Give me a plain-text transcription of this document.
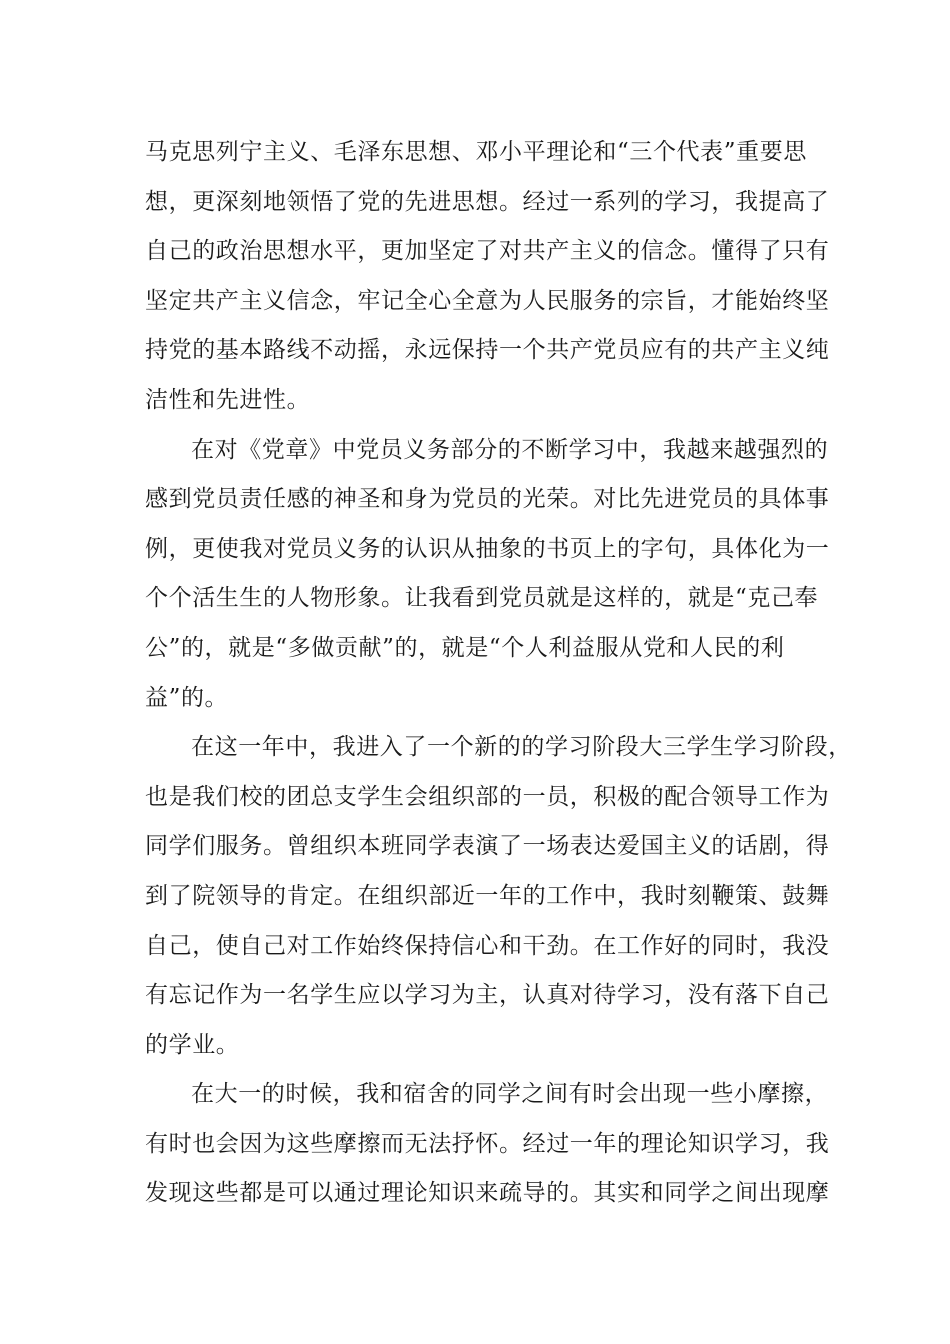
马克思列宁主义、毛泽东思想、邓小平理论和“三个代表”重要思
想，更深刻地领悟了党的先进思想。经过一系列的学习，我提高了
自己的政治思想水平，更加坚定了对共产主义的信念。懂得了只有
坚定共产主义信念，牢记全心全意为人民服务的宗旨，才能始终坚
持党的基本路线不动摇，永远保持一个共产党员应有的共产主义纯
洁性和先进性。
在对《党章》中党员义务部分的不断学习中，我越来越强烈的
感到党员责任感的神圣和身为党员的光荣。对比先进党员的具体事
例，更使我对党员义务的认识从抽象的书页上的字句，具体化为一
个个活生生的人物形象。让我看到党员就是这样的，就是“克己奉
公”的，就是“多做贡献”的，就是“个人利益服从党和人民的利
益”的。
在这一年中，我进入了一个新的的学习阶段大三学生学习阶段，
也是我们校的团总支学生会组织部的一员，积极的配合领导工作为
同学们服务。曾组织本班同学表演了一场表达爱国主义的话剧，得
到了院领导的肯定。在组织部近一年的工作中，我时刻鞭策、鼓舞
自己，使自己对工作始终保持信心和干劲。在工作好的同时，我没
有忘记作为一名学生应以学习为主，认真对待学习，没有落下自己
的学业。
在大一的时候，我和宿舍的同学之间有时会出现一些小摩擦，
有时也会因为这些摩擦而无法抒怀。经过一年的理论知识学习，我
发现这些都是可以通过理论知识来疏导的。其实和同学之间出现摩
